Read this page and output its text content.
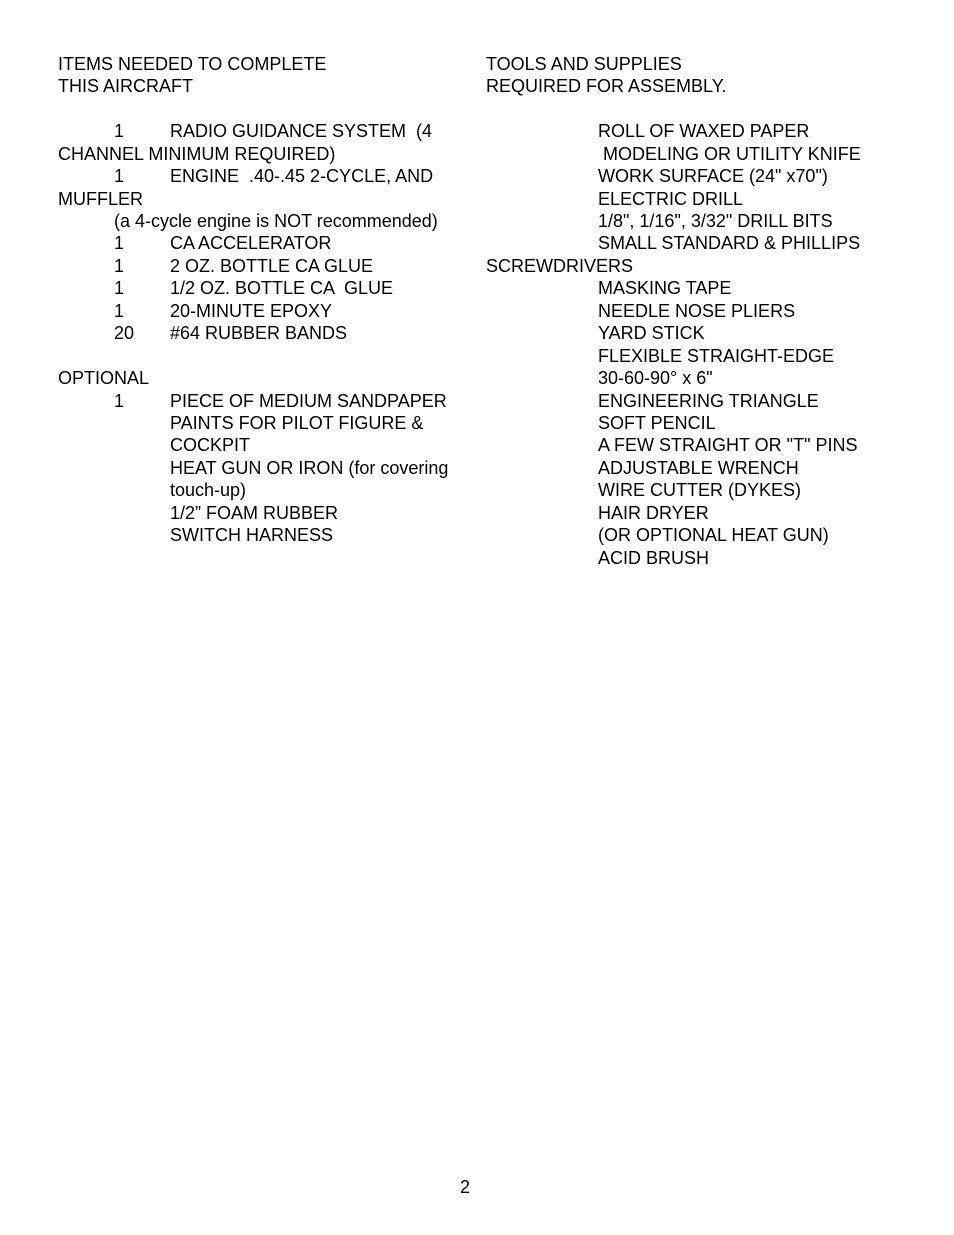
ITEMS NEEDED TO COMPLETE
THIS AIRCRAFT
1	RADIO GUIDANCE SYSTEM  (4
CHANNEL MINIMUM REQUIRED)
1	ENGINE  .40-.45 2-CYCLE, AND
MUFFLER
(a 4-cycle engine is NOT recommended)
1	CA ACCELERATOR
1	2 OZ. BOTTLE CA GLUE
1	1/2 OZ. BOTTLE CA  GLUE
1	20-MINUTE EPOXY
20 #64 RUBBER BANDS
OPTIONAL
1	PIECE OF MEDIUM SANDPAPER
PAINTS FOR PILOT FIGURE &
COCKPIT
HEAT GUN OR IRON (for covering
touch-up)
1/2” FOAM RUBBER
SWITCH HARNESS
TOOLS AND SUPPLIES
REQUIRED FOR ASSEMBLY.
ROLL OF WAXED PAPER
MODELING OR UTILITY KNIFE
WORK SURFACE (24" x70")
ELECTRIC DRILL
1/8", 1/16", 3/32" DRILL BITS
SMALL STANDARD & PHILLIPS
SCREWDRIVERS
MASKING TAPE
NEEDLE NOSE PLIERS
YARD STICK
FLEXIBLE STRAIGHT-EDGE
30-60-90° x 6"
ENGINEERING TRIANGLE
SOFT PENCIL
A FEW STRAIGHT OR "T" PINS
ADJUSTABLE WRENCH
WIRE CUTTER (DYKES)
HAIR DRYER
(OR OPTIONAL HEAT GUN)
ACID BRUSH
2
